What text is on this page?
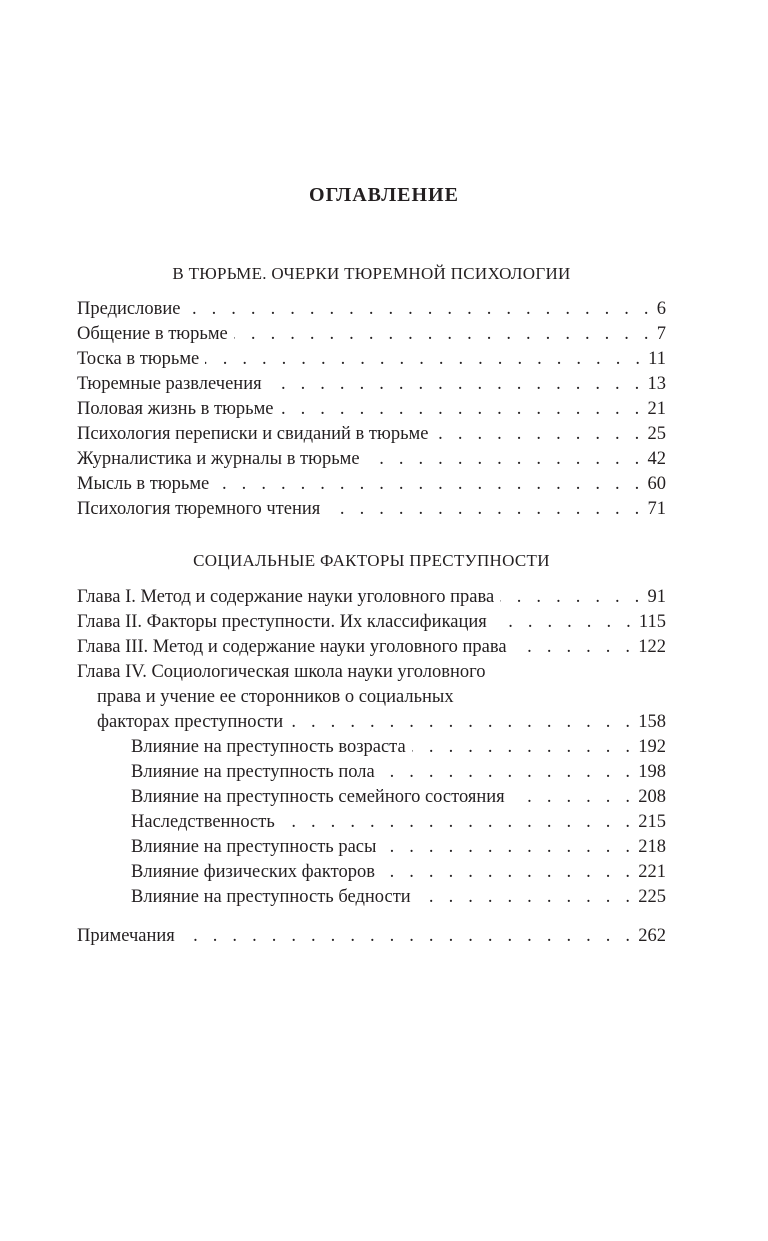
ОГЛАВЛЕНИЕ
В ТЮРЬМЕ. ОЧЕРКИ ТЮРЕМНОЙ ПСИХОЛОГИИ
Предисловие . . .	6
Общение в тюрьме . . .	7
Тоска в тюрьме . . .	11
Тюремные развлечения . . .	13
Половая жизнь в тюрьме . . .	21
Психология переписки и свиданий в тюрьме . . .	25
Журналистика и журналы в тюрьме . . .	42
Мысль в тюрьме . . .	60
Психология тюремного чтения . . .	71
СОЦИАЛЬНЫЕ ФАКТОРЫ ПРЕСТУПНОСТИ
Глава I. Метод и содержание науки уголовного права . . .	91
Глава II. Факторы преступности. Их классификация . . .	115
Глава III. Метод и содержание науки уголовного права . . .	122
Глава IV. Социологическая школа науки уголовного
права и учение ее сторонников о социальных
факторах преступности . . .	158
Влияние на преступность возраста . . .	192
Влияние на преступность пола . . .	198
Влияние на преступность семейного состояния . . .	208
Наследственность . . .	215
Влияние на преступность расы . . .	218
Влияние физических факторов . . .	221
Влияние на преступность бедности . . .	225
Примечания . . .	262
